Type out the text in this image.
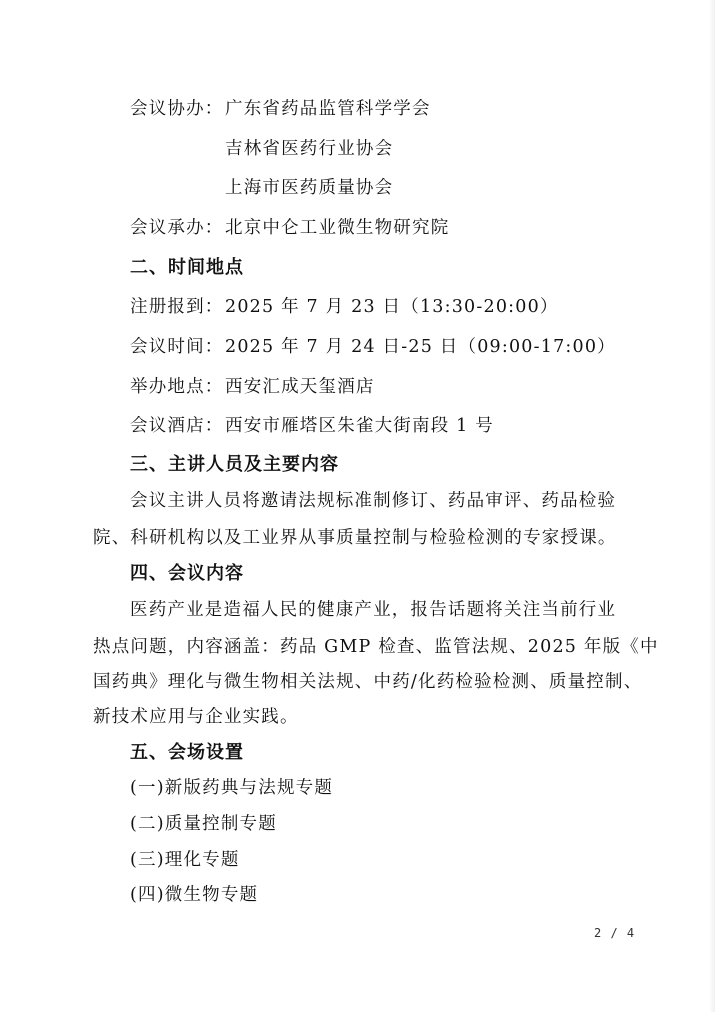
会议协办： 广东省药品监管科学学会
吉林省医药行业协会
上海市医药质量协会
会议承办： 北京中仑工业微生物研究院
二、时间地点
注册报到： 2025 年 7 月 23 日（13:30-20:00）
会议时间： 2025 年 7 月 24 日-25 日（09:00-17:00）
举办地点： 西安汇成天玺酒店
会议酒店： 西安市雁塔区朱雀大街南段 1 号
三、主讲人员及主要内容
会议主讲人员将邀请法规标准制修订、药品审评、药品检验
院、科研机构以及工业界从事质量控制与检验检测的专家授课。
四、会议内容
医药产业是造福人民的健康产业，报告话题将关注当前行业
热点问题，内容涵盖：药品 GMP 检查、监管法规、2025 年版《中
国药典》理化与微生物相关法规、中药/化药检验检测、质量控制、
新技术应用与企业实践。
五、会场设置
(一)新版药典与法规专题
(二)质量控制专题
(三)理化专题
(四)微生物专题
2 / 4
